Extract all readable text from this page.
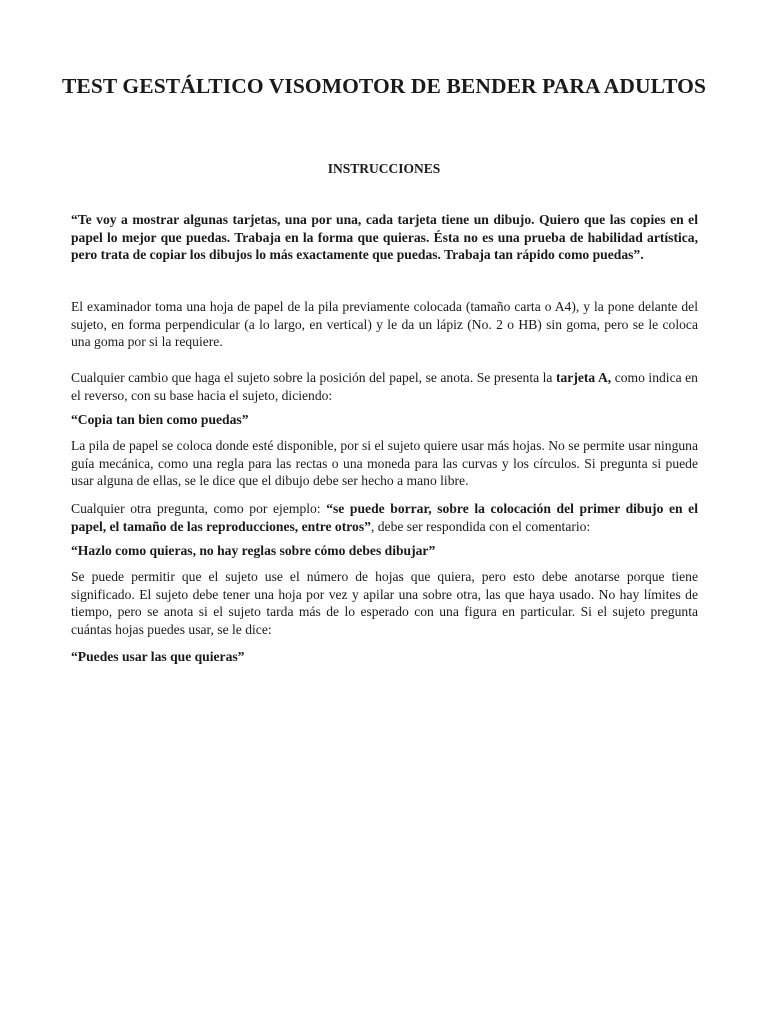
TEST GESTÁLTICO VISOMOTOR DE BENDER PARA ADULTOS
INSTRUCCIONES

“Te voy a mostrar algunas tarjetas, una por una, cada tarjeta tiene un dibujo. Quiero que las copies en el papel lo mejor que puedas. Trabaja en la forma que quieras. Ésta no es una prueba de habilidad artística, pero trata de copiar los dibujos lo más exactamente que puedas. Trabaja tan rápido como puedas”.

El examinador toma una hoja de papel de la pila previamente colocada (tamaño carta o A4), y la pone delante del sujeto, en forma perpendicular (a lo largo, en vertical) y le da un lápiz (No. 2 o HB) sin goma, pero se le coloca una goma por si la requiere.

Cualquier cambio que haga el sujeto sobre la posición del papel, se anota. Se presenta la tarjeta A, como indica en el reverso, con su base hacia el sujeto, diciendo:

“Copia tan bien como puedas”

La pila de papel se coloca donde esté disponible, por si el sujeto quiere usar más hojas. No se permite usar ninguna guía mecánica, como una regla para las rectas o una moneda para las curvas y los círculos. Si pregunta si puede usar alguna de ellas, se le dice que el dibujo debe ser hecho a mano libre.

Cualquier otra pregunta, como por ejemplo: “se puede borrar, sobre la colocación del primer dibujo en el papel, el tamaño de las reproducciones, entre otros”, debe ser respondida con el comentario:

“Hazlo como quieras, no hay reglas sobre cómo debes dibujar”

Se puede permitir que el sujeto use el número de hojas que quiera, pero esto debe anotarse porque tiene significado. El sujeto debe tener una hoja por vez y apilar una sobre otra, las que haya usado. No hay límites de tiempo, pero se anota si el sujeto tarda más de lo esperado con una figura en particular. Si el sujeto pregunta cuántas hojas puedes usar, se le dice:

“Puedes usar las que quieras”
